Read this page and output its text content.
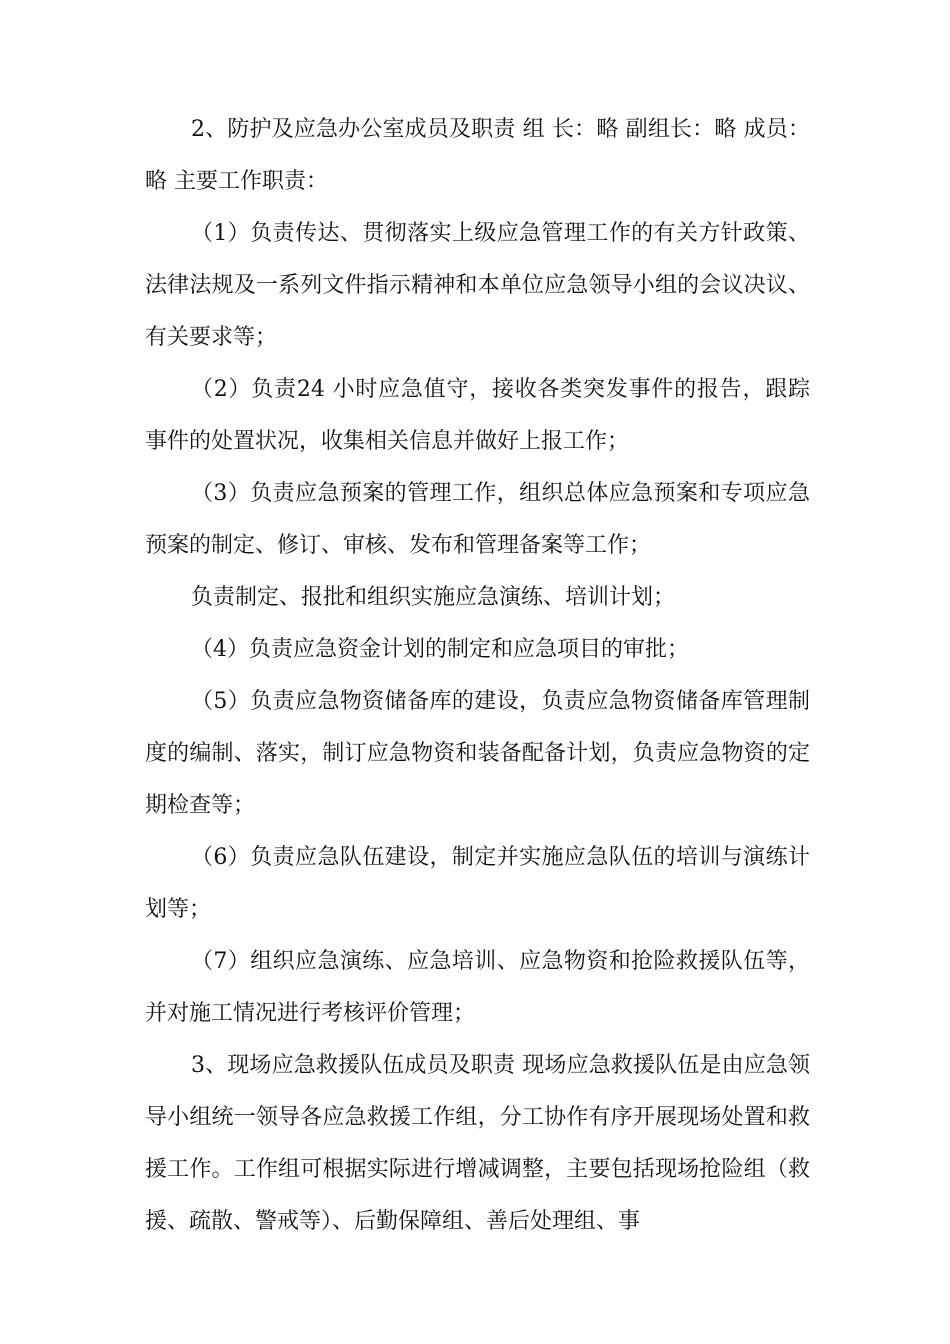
2、防护及应急办公室成员及职责 组 长：略 副组长：略 成员：略 主要工作职责：

（1）负责传达、贯彻落实上级应急管理工作的有关方针政策、法律法规及一系列文件指示精神和本单位应急领导小组的会议决议、有关要求等；

（2）负责24 小时应急值守，接收各类突发事件的报告，跟踪事件的处置状况，收集相关信息并做好上报工作；

（3）负责应急预案的管理工作，组织总体应急预案和专项应急预案的制定、修订、审核、发布和管理备案等工作；

负责制定、报批和组织实施应急演练、培训计划；

（4）负责应急资金计划的制定和应急项目的审批；

（5）负责应急物资储备库的建设，负责应急物资储备库管理制度的编制、落实，制订应急物资和装备配备计划，负责应急物资的定期检查等；

（6）负责应急队伍建设，制定并实施应急队伍的培训与演练计划等；

（7）组织应急演练、应急培训、应急物资和抢险救援队伍等，并对施工情况进行考核评价管理；

3、现场应急救援队伍成员及职责 现场应急救援队伍是由应急领导小组统一领导各应急救援工作组，分工协作有序开展现场处置和救援工作。工作组可根据实际进行增减调整，主要包括现场抢险组（救援、疏散、警戒等）、后勤保障组、善后处理组、事
